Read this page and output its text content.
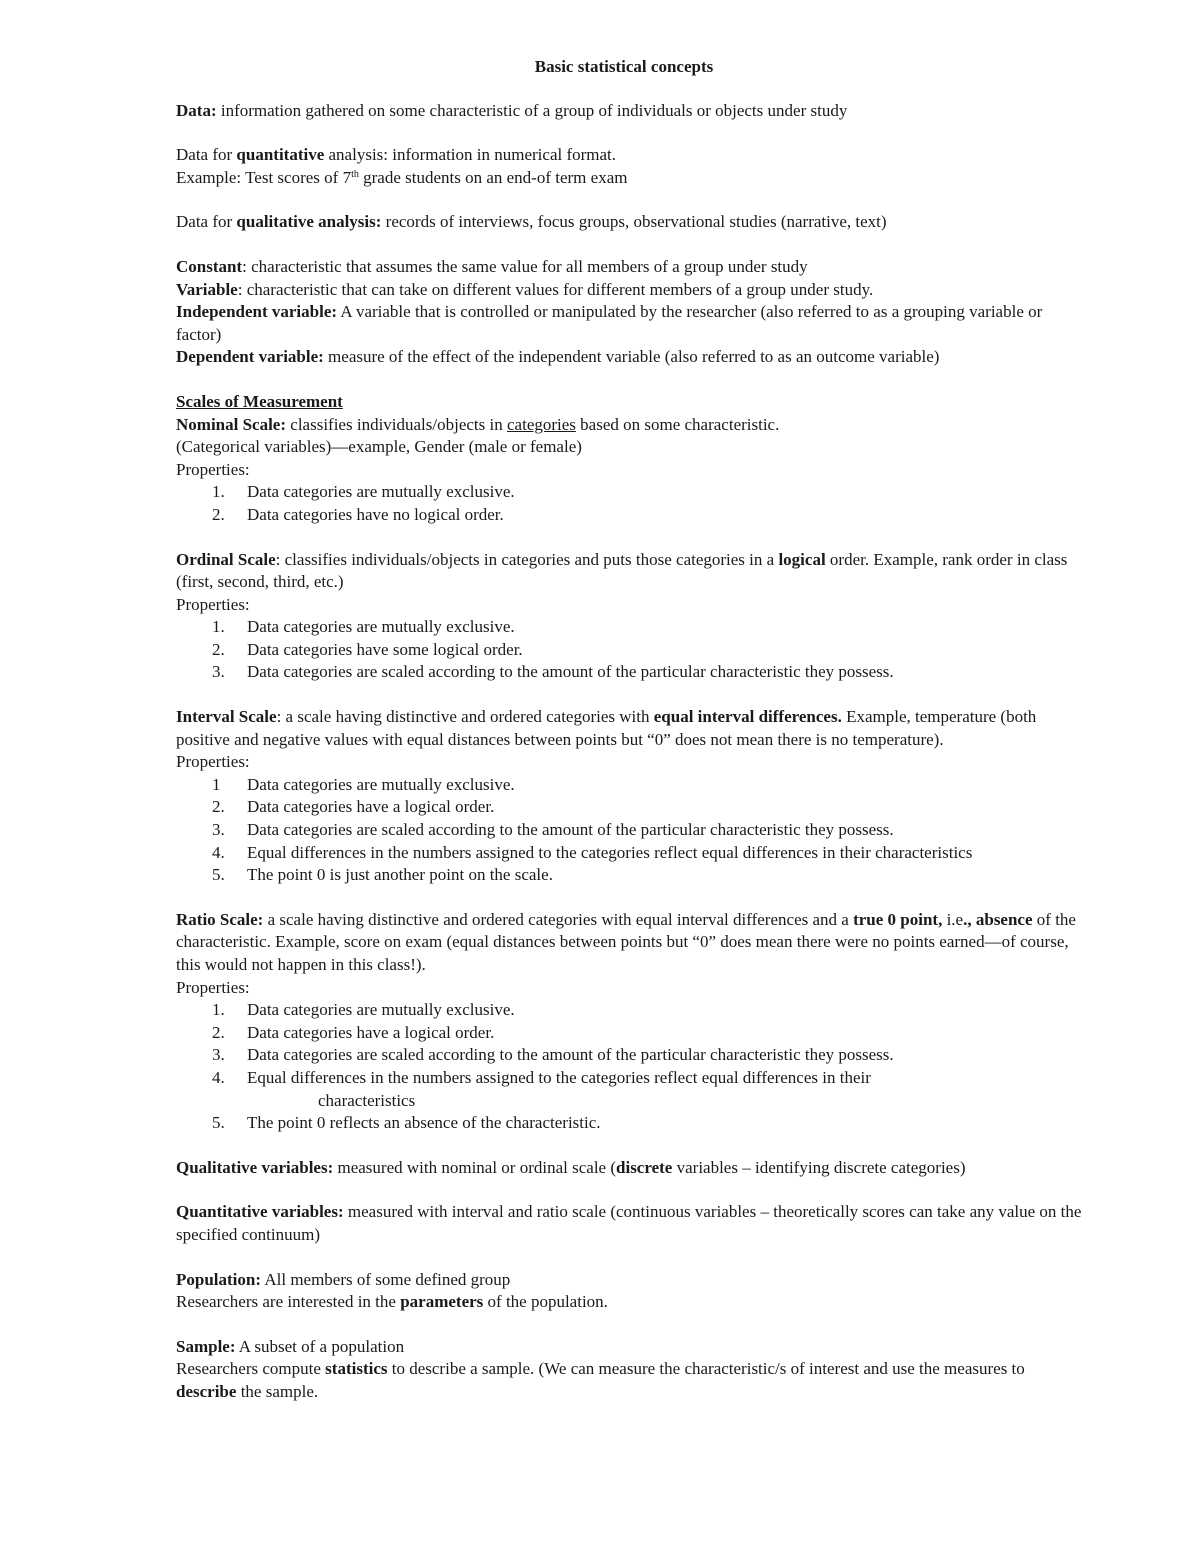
Basic statistical concepts

Data: information gathered on some characteristic of a group of individuals or objects under study

Data for quantitative analysis: information in numerical format.

Example: Test scores of 7th grade students on an end-of term exam

Data for qualitative analysis: records of interviews, focus groups, observational studies (narrative, text)

Constant: characteristic that assumes the same value for all members of a group under study

Variable: characteristic that can take on different values for different members of a group under study.

Independent variable: A variable that is controlled or manipulated by the researcher (also referred to as a grouping variable or factor)

Dependent variable: measure of the effect of the independent variable (also referred to as an outcome variable)

Scales of Measurement

Nominal Scale: classifies individuals/objects in categories based on some characteristic.

(Categorical variables)—example, Gender (male or female)

Properties:

1. Data categories are mutually exclusive.
2. Data categories have no logical order.

Ordinal Scale: classifies individuals/objects in categories and puts those categories in a logical order. Example, rank order in class (first, second, third, etc.)

Properties:

1. Data categories are mutually exclusive.
2. Data categories have some logical order.
3. Data categories are scaled according to the amount of the particular characteristic they possess.

Interval Scale: a scale having distinctive and ordered categories with equal interval differences. Example, temperature (both positive and negative values with equal distances between points but “0” does not mean there is no temperature).

Properties:

1 Data categories are mutually exclusive.
2. Data categories have a logical order.
3. Data categories are scaled according to the amount of the particular characteristic they possess.
4. Equal differences in the numbers assigned to the categories reflect equal differences in their characteristics
5. The point 0 is just another point on the scale.

Ratio Scale: a scale having distinctive and ordered categories with equal interval differences and a true 0 point, i.e., absence of the characteristic. Example, score on exam (equal distances between points but “0” does mean there were no points earned—of course, this would not happen in this class!).

Properties:

1. Data categories are mutually exclusive.
2. Data categories have a logical order.
3. Data categories are scaled according to the amount of the particular characteristic they possess.
4. Equal differences in the numbers assigned to the categories reflect equal differences in their
characteristics
5. The point 0 reflects an absence of the characteristic.

Qualitative variables: measured with nominal or ordinal scale (discrete variables – identifying discrete categories)

Quantitative variables: measured with interval and ratio scale (continuous variables – theoretically scores can take any value on the specified continuum)

Population: All members of some defined group

Researchers are interested in the parameters of the population.

Sample: A subset of a population

Researchers compute statistics to describe a sample. (We can measure the characteristic/s of interest and use the measures to describe the sample.
